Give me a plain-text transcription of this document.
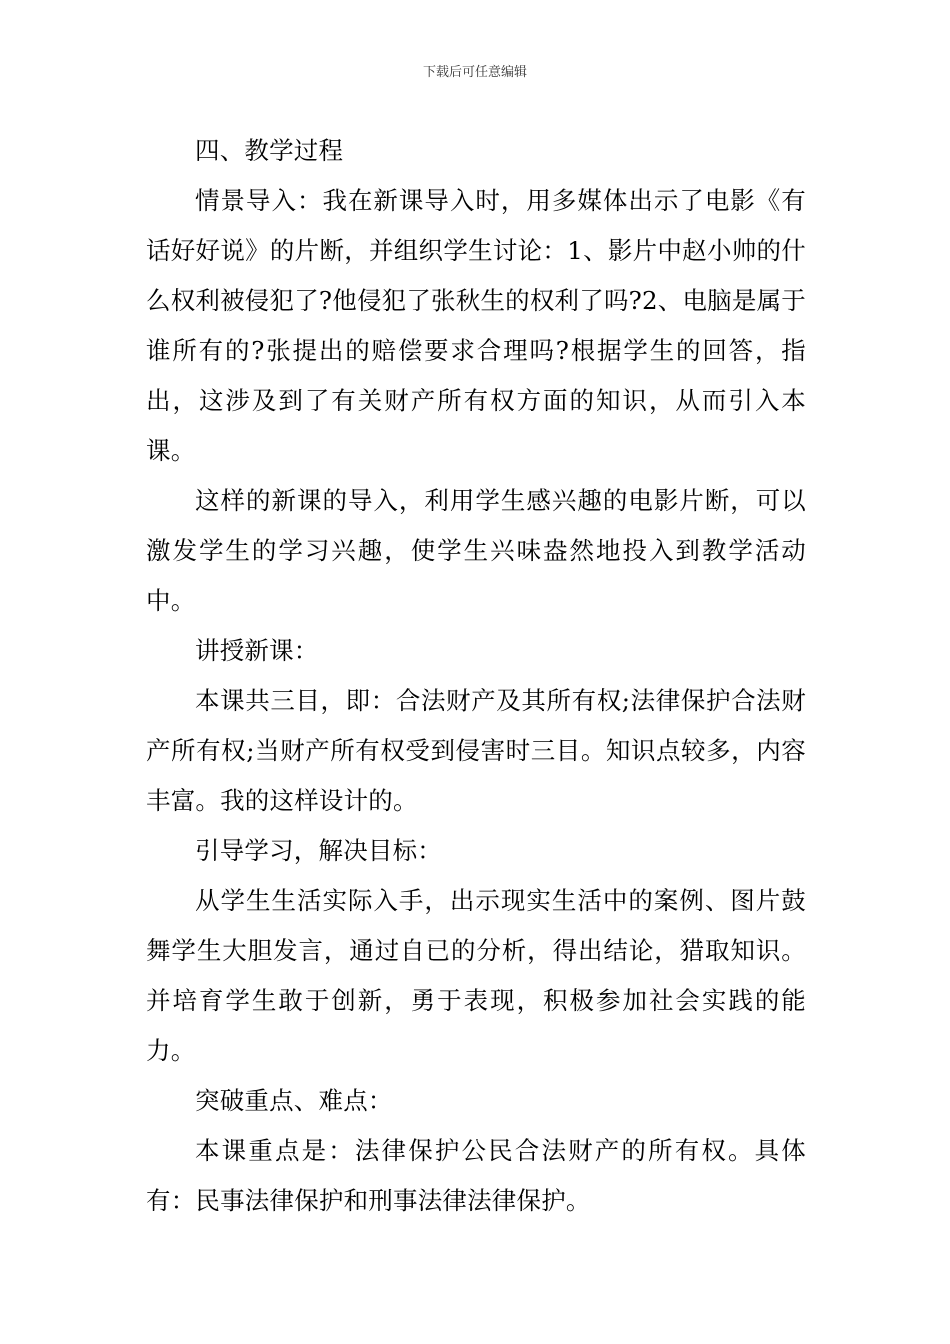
下载后可任意编辑

四、教学过程

情景导入：我在新课导入时，用多媒体出示了电影《有话好好说》的片断，并组织学生讨论：1、影片中赵小帅的什么权利被侵犯了?他侵犯了张秋生的权利了吗?2、电脑是属于谁所有的?张提出的赔偿要求合理吗?根据学生的回答，指出，这涉及到了有关财产所有权方面的知识，从而引入本课。

这样的新课的导入，利用学生感兴趣的电影片断，可以激发学生的学习兴趣，使学生兴味盎然地投入到教学活动中。

讲授新课：

本课共三目，即：合法财产及其所有权;法律保护合法财产所有权;当财产所有权受到侵害时三目。知识点较多，内容丰富。我的这样设计的。

引导学习，解决目标：

从学生生活实际入手，出示现实生活中的案例、图片鼓舞学生大胆发言，通过自已的分析，得出结论，猎取知识。并培育学生敢于创新，勇于表现，积极参加社会实践的能力。

突破重点、难点：

本课重点是：法律保护公民合法财产的所有权。具体有：民事法律保护和刑事法律法律保护。
